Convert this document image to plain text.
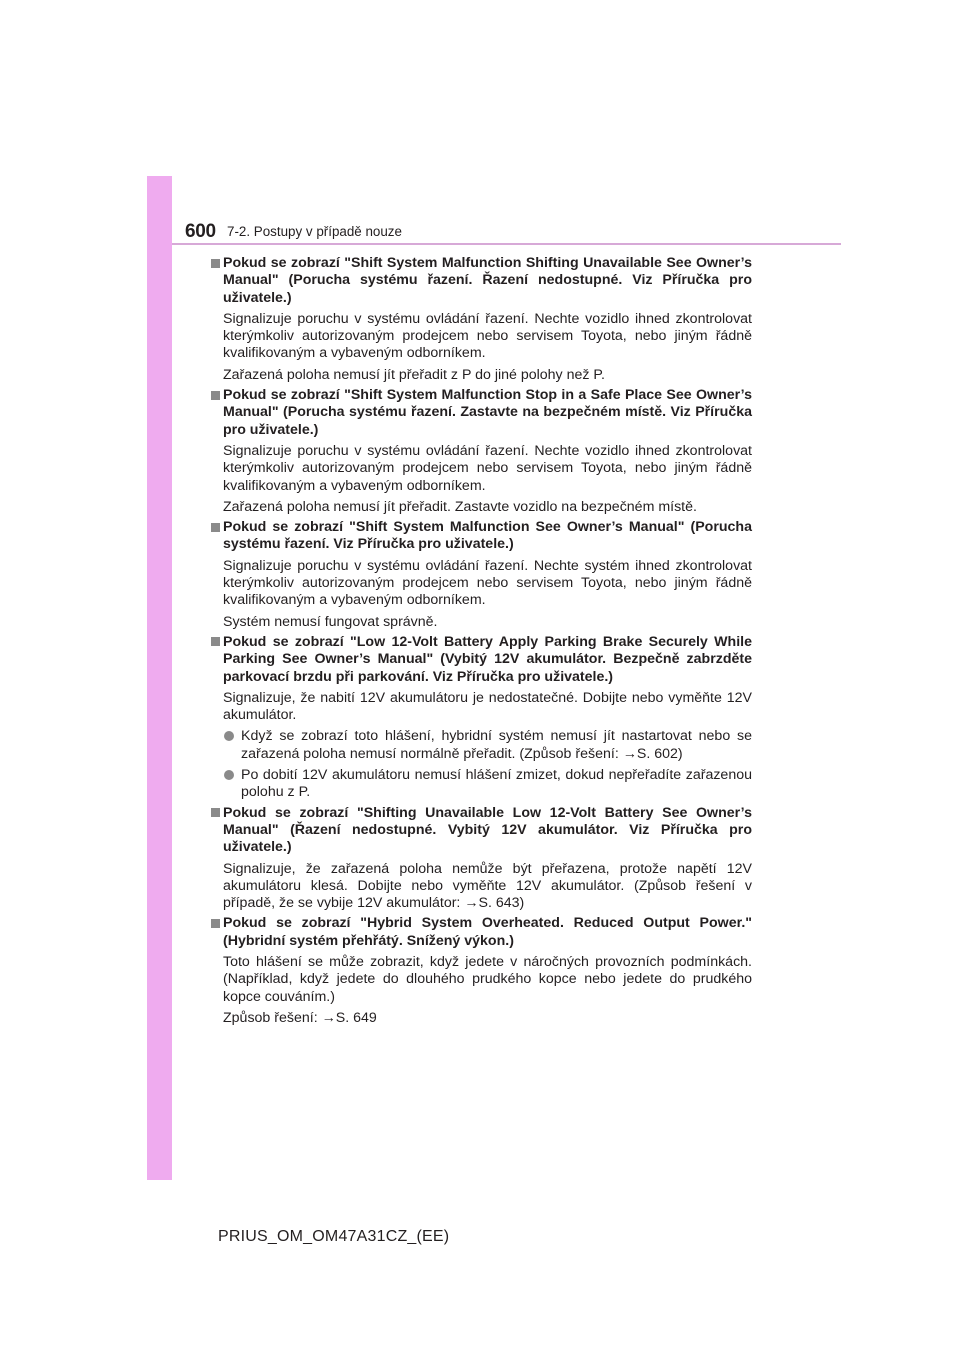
600 7-2. Postupy v případě nouze
Pokud se zobrazí "Shift System Malfunction Shifting Unavailable See Owner’s Manual" (Porucha systému řazení. Řazení nedostupné. Viz Příručka pro uživatele.)
Signalizuje poruchu v systému ovládání řazení. Nechte vozidlo ihned zkontrolovat kterýmkoliv autorizovaným prodejcem nebo servisem Toyota, nebo jiným řádně kvalifikovaným a vybaveným odborníkem.
Zařazená poloha nemusí jít přeřadit z P do jiné polohy než P.
Pokud se zobrazí "Shift System Malfunction Stop in a Safe Place See Owner’s Manual" (Porucha systému řazení. Zastavte na bezpečném místě. Viz Příručka pro uživatele.)
Signalizuje poruchu v systému ovládání řazení. Nechte vozidlo ihned zkontrolovat kterýmkoliv autorizovaným prodejcem nebo servisem Toyota, nebo jiným řádně kvalifikovaným a vybaveným odborníkem.
Zařazená poloha nemusí jít přeřadit. Zastavte vozidlo na bezpečném místě.
Pokud se zobrazí "Shift System Malfunction See Owner’s Manual" (Porucha systému řazení. Viz Příručka pro uživatele.)
Signalizuje poruchu v systému ovládání řazení. Nechte systém ihned zkontrolovat kterýmkoliv autorizovaným prodejcem nebo servisem Toyota, nebo jiným řádně kvalifikovaným a vybaveným odborníkem.
Systém nemusí fungovat správně.
Pokud se zobrazí "Low 12-Volt Battery Apply Parking Brake Securely While Parking See Owner’s Manual" (Vybitý 12V akumulátor. Bezpečně zabrzděte parkovací brzdu při parkování. Viz Příručka pro uživatele.)
Signalizuje, že nabití 12V akumulátoru je nedostatečné. Dobijte nebo vyměňte 12V akumulátor.
Když se zobrazí toto hlášení, hybridní systém nemusí jít nastartovat nebo se zařazená poloha nemusí normálně přeřadit. (Způsob řešení: →S. 602)
Po dobití 12V akumulátoru nemusí hlášení zmizet, dokud nepřeřadíte zařazenou polohu z P.
Pokud se zobrazí "Shifting Unavailable Low 12-Volt Battery See Owner’s Manual" (Řazení nedostupné. Vybitý 12V akumulátor. Viz Příručka pro uživatele.)
Signalizuje, že zařazená poloha nemůže být přeřazena, protože napětí 12V akumulátoru klesá. Dobijte nebo vyměňte 12V akumulátor. (Způsob řešení v případě, že se vybije 12V akumulátor: →S. 643)
Pokud se zobrazí "Hybrid System Overheated. Reduced Output Power." (Hybridní systém přehřátý. Snížený výkon.)
Toto hlášení se může zobrazit, když jedete v náročných provozních podmínkách. (Například, když jedete do dlouhého prudkého kopce nebo jedete do prudkého kopce couváním.)
Způsob řešení: →S. 649
PRIUS_OM_OM47A31CZ_(EE)
